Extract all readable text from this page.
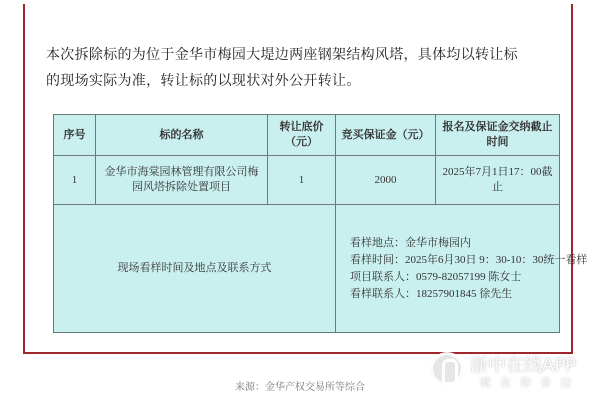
本次拆除标的为位于金华市梅园大堤边两座钢架结构风塔，具体均以转让标
的现场实际为准，转让标的以现状对外公开转让。
序号	标的名称	转让底价（元）	竞买保证金（元）	报名及保证金交纳截止时间
1	金华市海棠园林管理有限公司梅园风塔拆除处置项目	1	2000	2025年7月1日17：00截止
现场看样时间及地点及联系方式			看样地点：金华市梅园内
看样时间：2025年6月30日 9：30-10：30统一看样
项目联系人：0579-82057199 陈女士
看样联系人：18257901845 徐先生	
来源：金华产权交易所等综合
浙中在线APP
就在你身边
